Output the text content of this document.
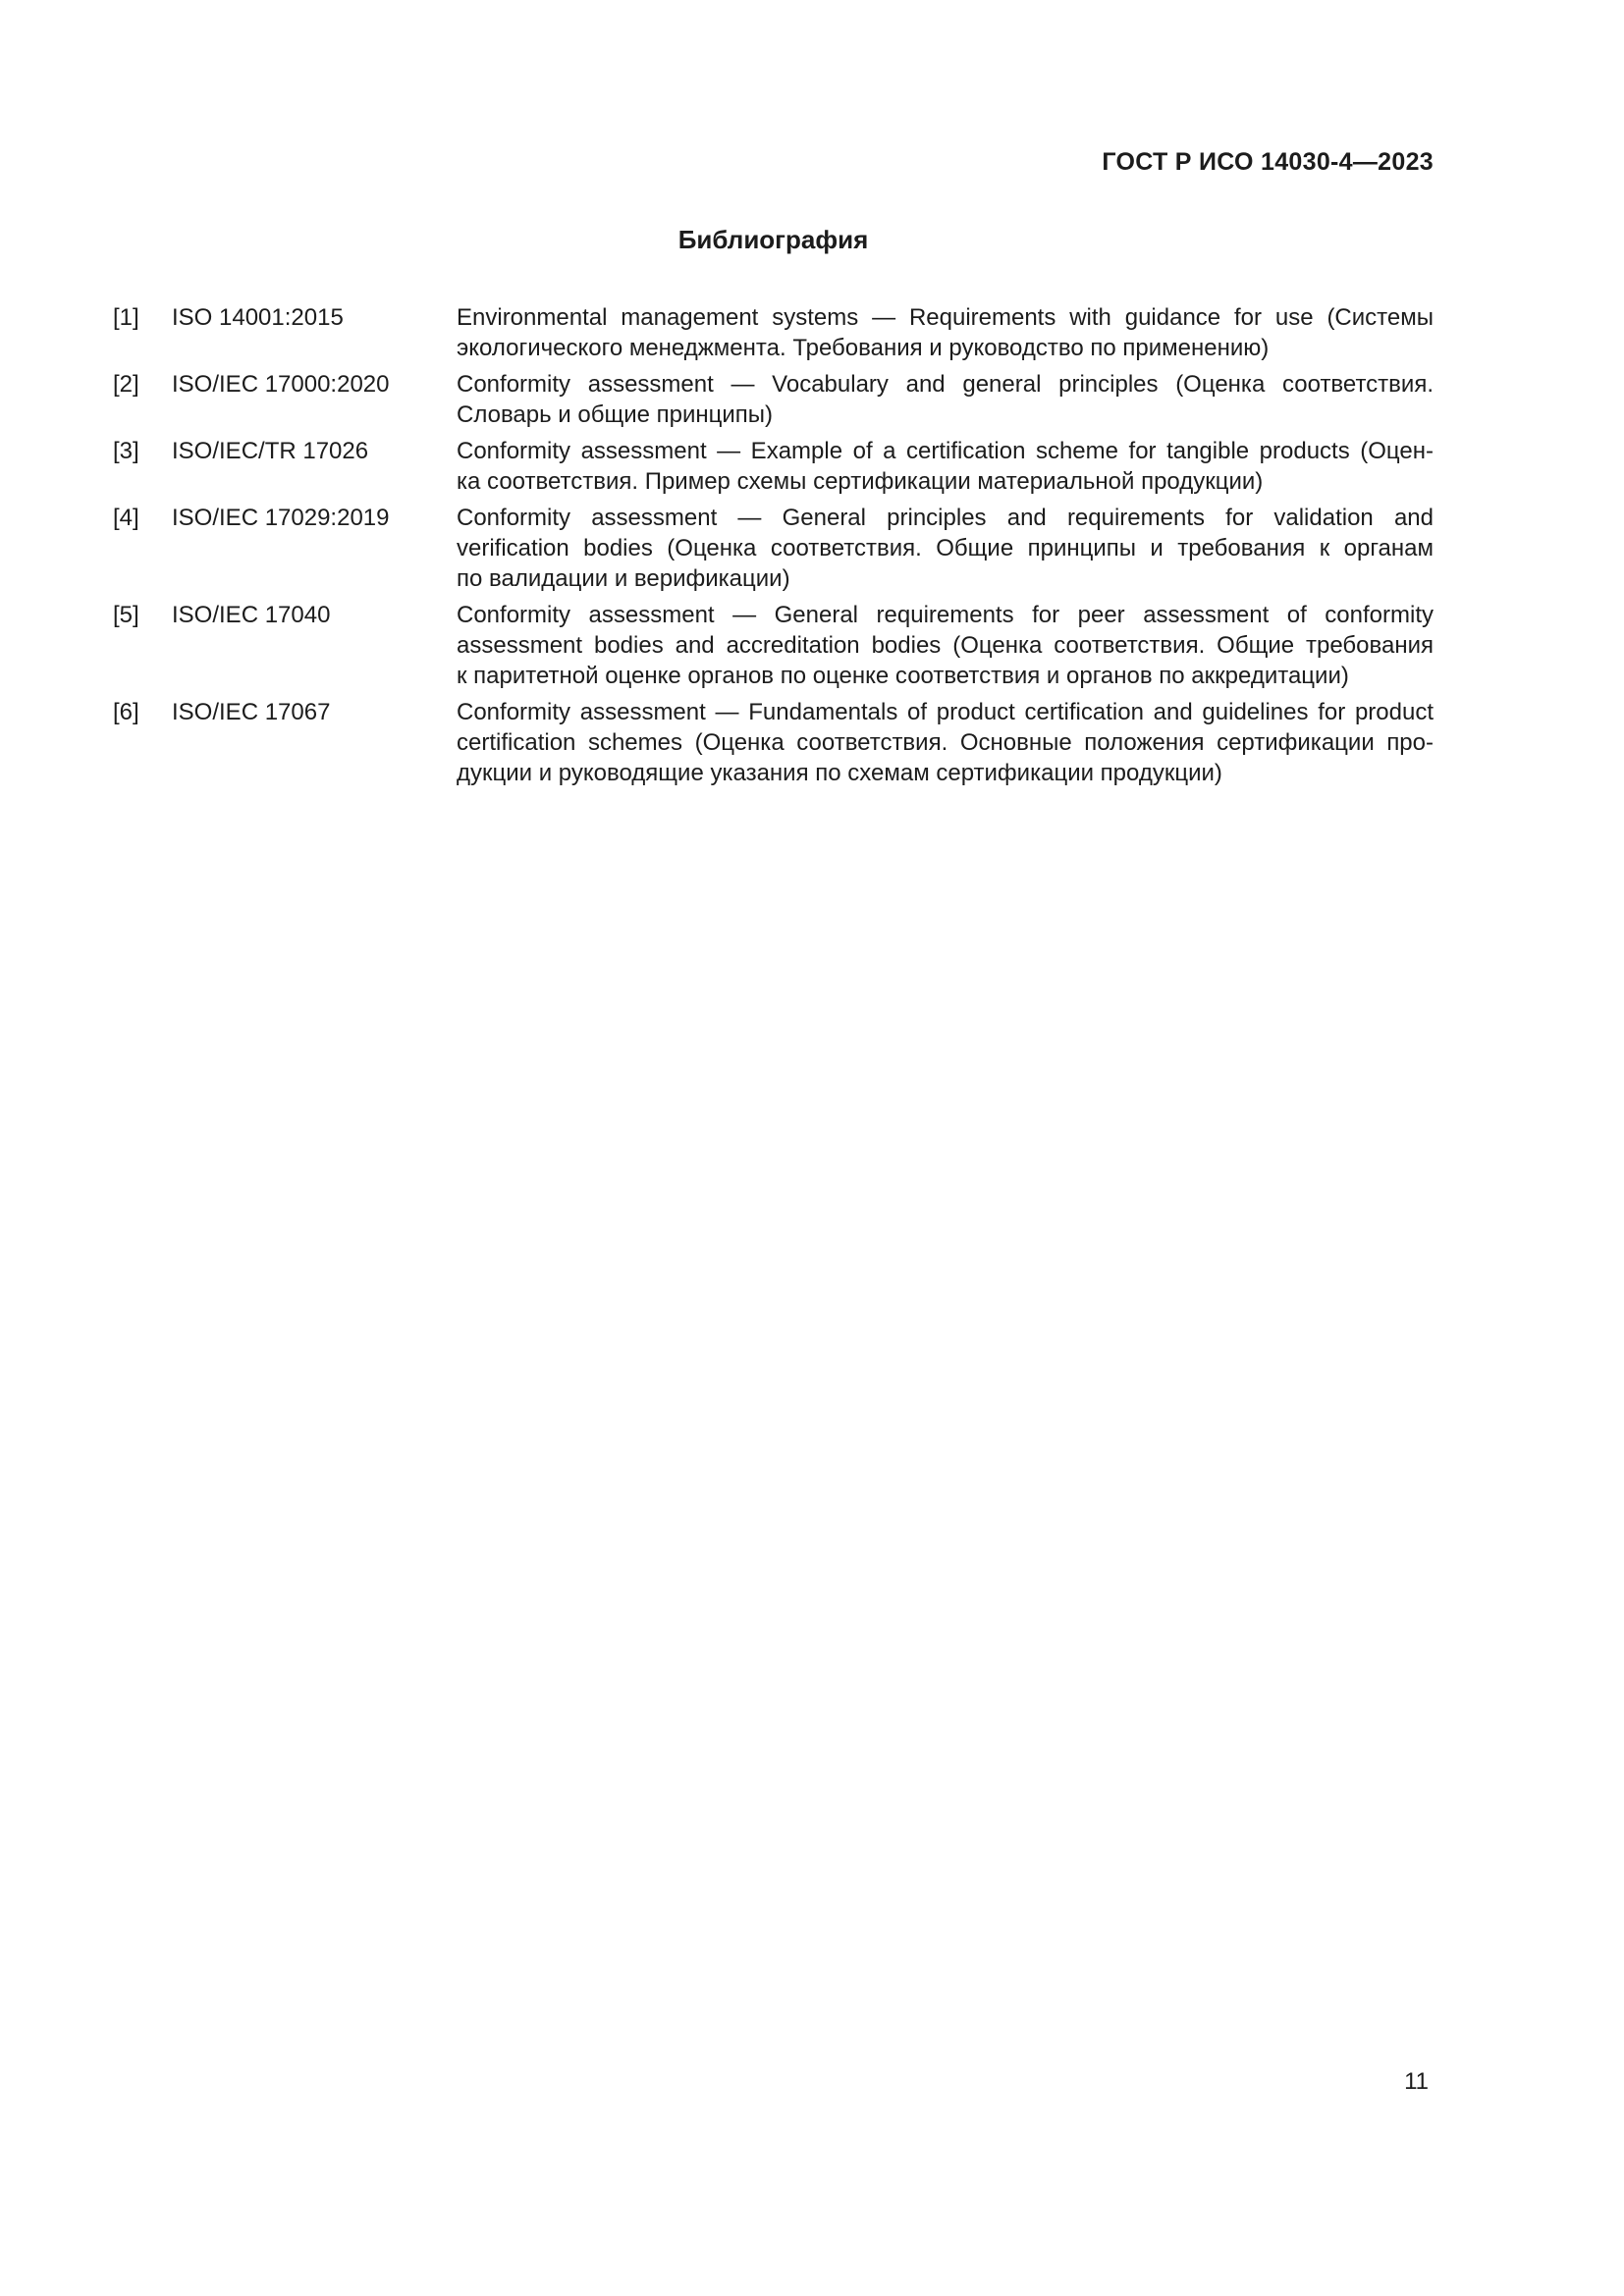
ГОСТ Р ИСО 14030-4—2023
Библиография
[1] ISO 14001:2015	Environmental management systems — Requirements with guidance for use (Системы
экологического менеджмента. Требования и руководство по применению)
[2] ISO/IEC 17000:2020	Conformity assessment — Vocabulary and general principles (Оценка соответствия.
Словарь и общие принципы)
[3] ISO/IEC/TR 17026	Conformity assessment — Example of a certification scheme for tangible products (Оцен-
ка соответствия. Пример схемы сертификации материальной продукции)
[4] ISO/IEC 17029:2019	Conformity assessment — General principles and requirements for validation and
verification bodies (Оценка соответствия. Общие принципы и требования к органам
по валидации и верификации)
[5] ISO/IEC 17040	Conformity assessment — General requirements for peer assessment of conformity
assessment bodies and accreditation bodies (Оценка соответствия. Общие требования
к паритетной оценке органов по оценке соответствия и органов по аккредитации)
[6] ISO/IEC 17067	Conformity assessment — Fundamentals of product certification and guidelines for product
certification schemes (Оценка соответствия. Основные положения сертификации про-
дукции и руководящие указания по схемам сертификации продукции)
11
